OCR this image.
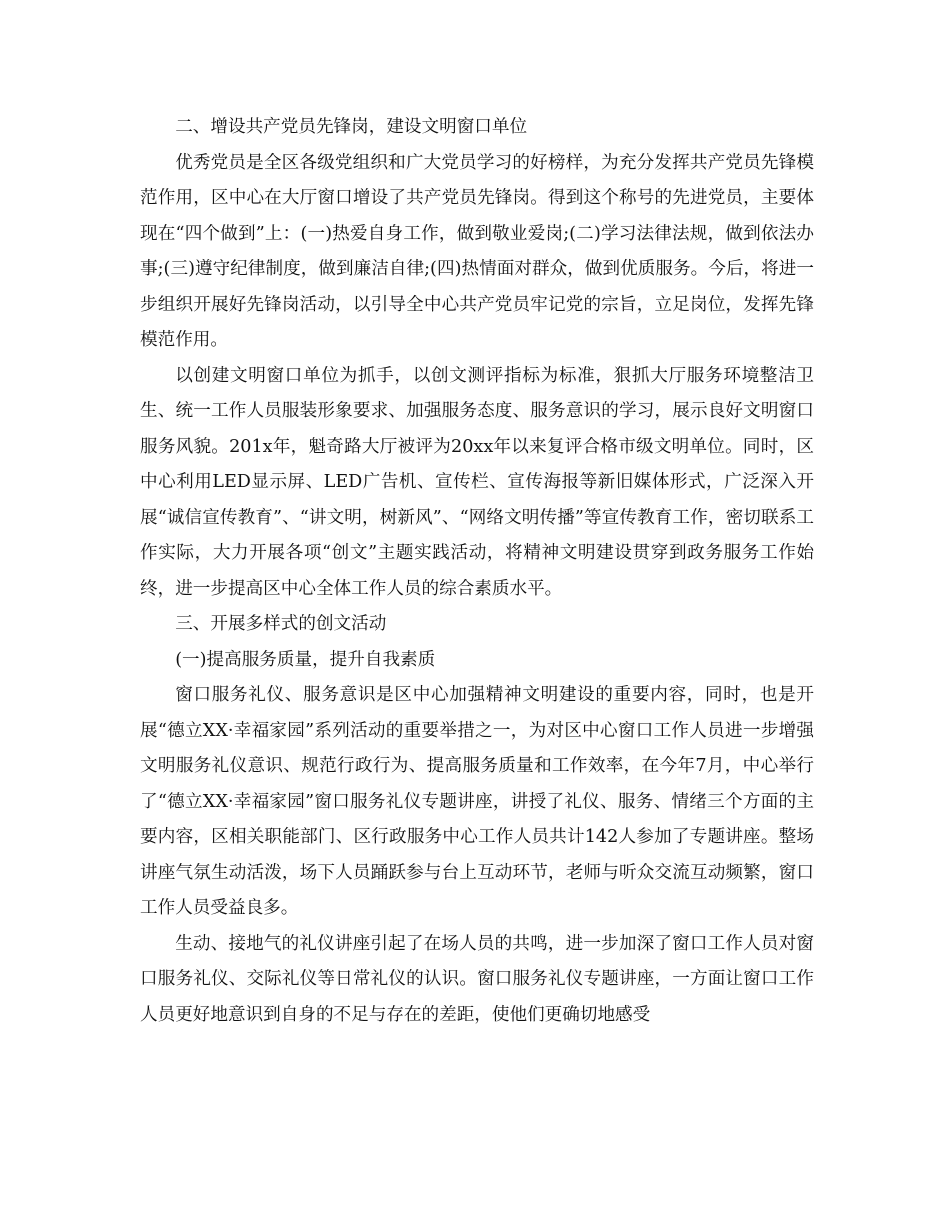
二、增设共产党员先锋岗，建设文明窗口单位

优秀党员是全区各级党组织和广大党员学习的好榜样，为充分发挥共产党员先锋模范作用，区中心在大厅窗口增设了共产党员先锋岗。得到这个称号的先进党员，主要体现在“四个做到”上：(一)热爱自身工作，做到敬业爱岗;(二)学习法律法规，做到依法办事;(三)遵守纪律制度，做到廉洁自律;(四)热情面对群众，做到优质服务。今后，将进一步组织开展好先锋岗活动，以引导全中心共产党员牢记党的宗旨，立足岗位，发挥先锋模范作用。

以创建文明窗口单位为抓手，以创文测评指标为标准，狠抓大厅服务环境整洁卫生、统一工作人员服装形象要求、加强服务态度、服务意识的学习，展示良好文明窗口服务风貌。201x年，魁奇路大厅被评为20xx年以来复评合格市级文明单位。同时，区中心利用LED显示屏、LED广告机、宣传栏、宣传海报等新旧媒体形式，广泛深入开展“诚信宣传教育”、“讲文明，树新风”、“网络文明传播”等宣传教育工作，密切联系工作实际，大力开展各项“创文”主题实践活动，将精神文明建设贯穿到政务服务工作始终，进一步提高区中心全体工作人员的综合素质水平。

三、开展多样式的创文活动

(一)提高服务质量，提升自我素质

窗口服务礼仪、服务意识是区中心加强精神文明建设的重要内容，同时，也是开展“德立XX·幸福家园”系列活动的重要举措之一，为对区中心窗口工作人员进一步增强文明服务礼仪意识、规范行政行为、提高服务质量和工作效率，在今年7月，中心举行了“德立XX·幸福家园”窗口服务礼仪专题讲座，讲授了礼仪、服务、情绪三个方面的主要内容，区相关职能部门、区行政服务中心工作人员共计142人参加了专题讲座。整场讲座气氛生动活泼，场下人员踊跃参与台上互动环节，老师与听众交流互动频繁，窗口工作人员受益良多。

生动、接地气的礼仪讲座引起了在场人员的共鸣，进一步加深了窗口工作人员对窗口服务礼仪、交际礼仪等日常礼仪的认识。窗口服务礼仪专题讲座，一方面让窗口工作人员更好地意识到自身的不足与存在的差距，使他们更确切地感受
